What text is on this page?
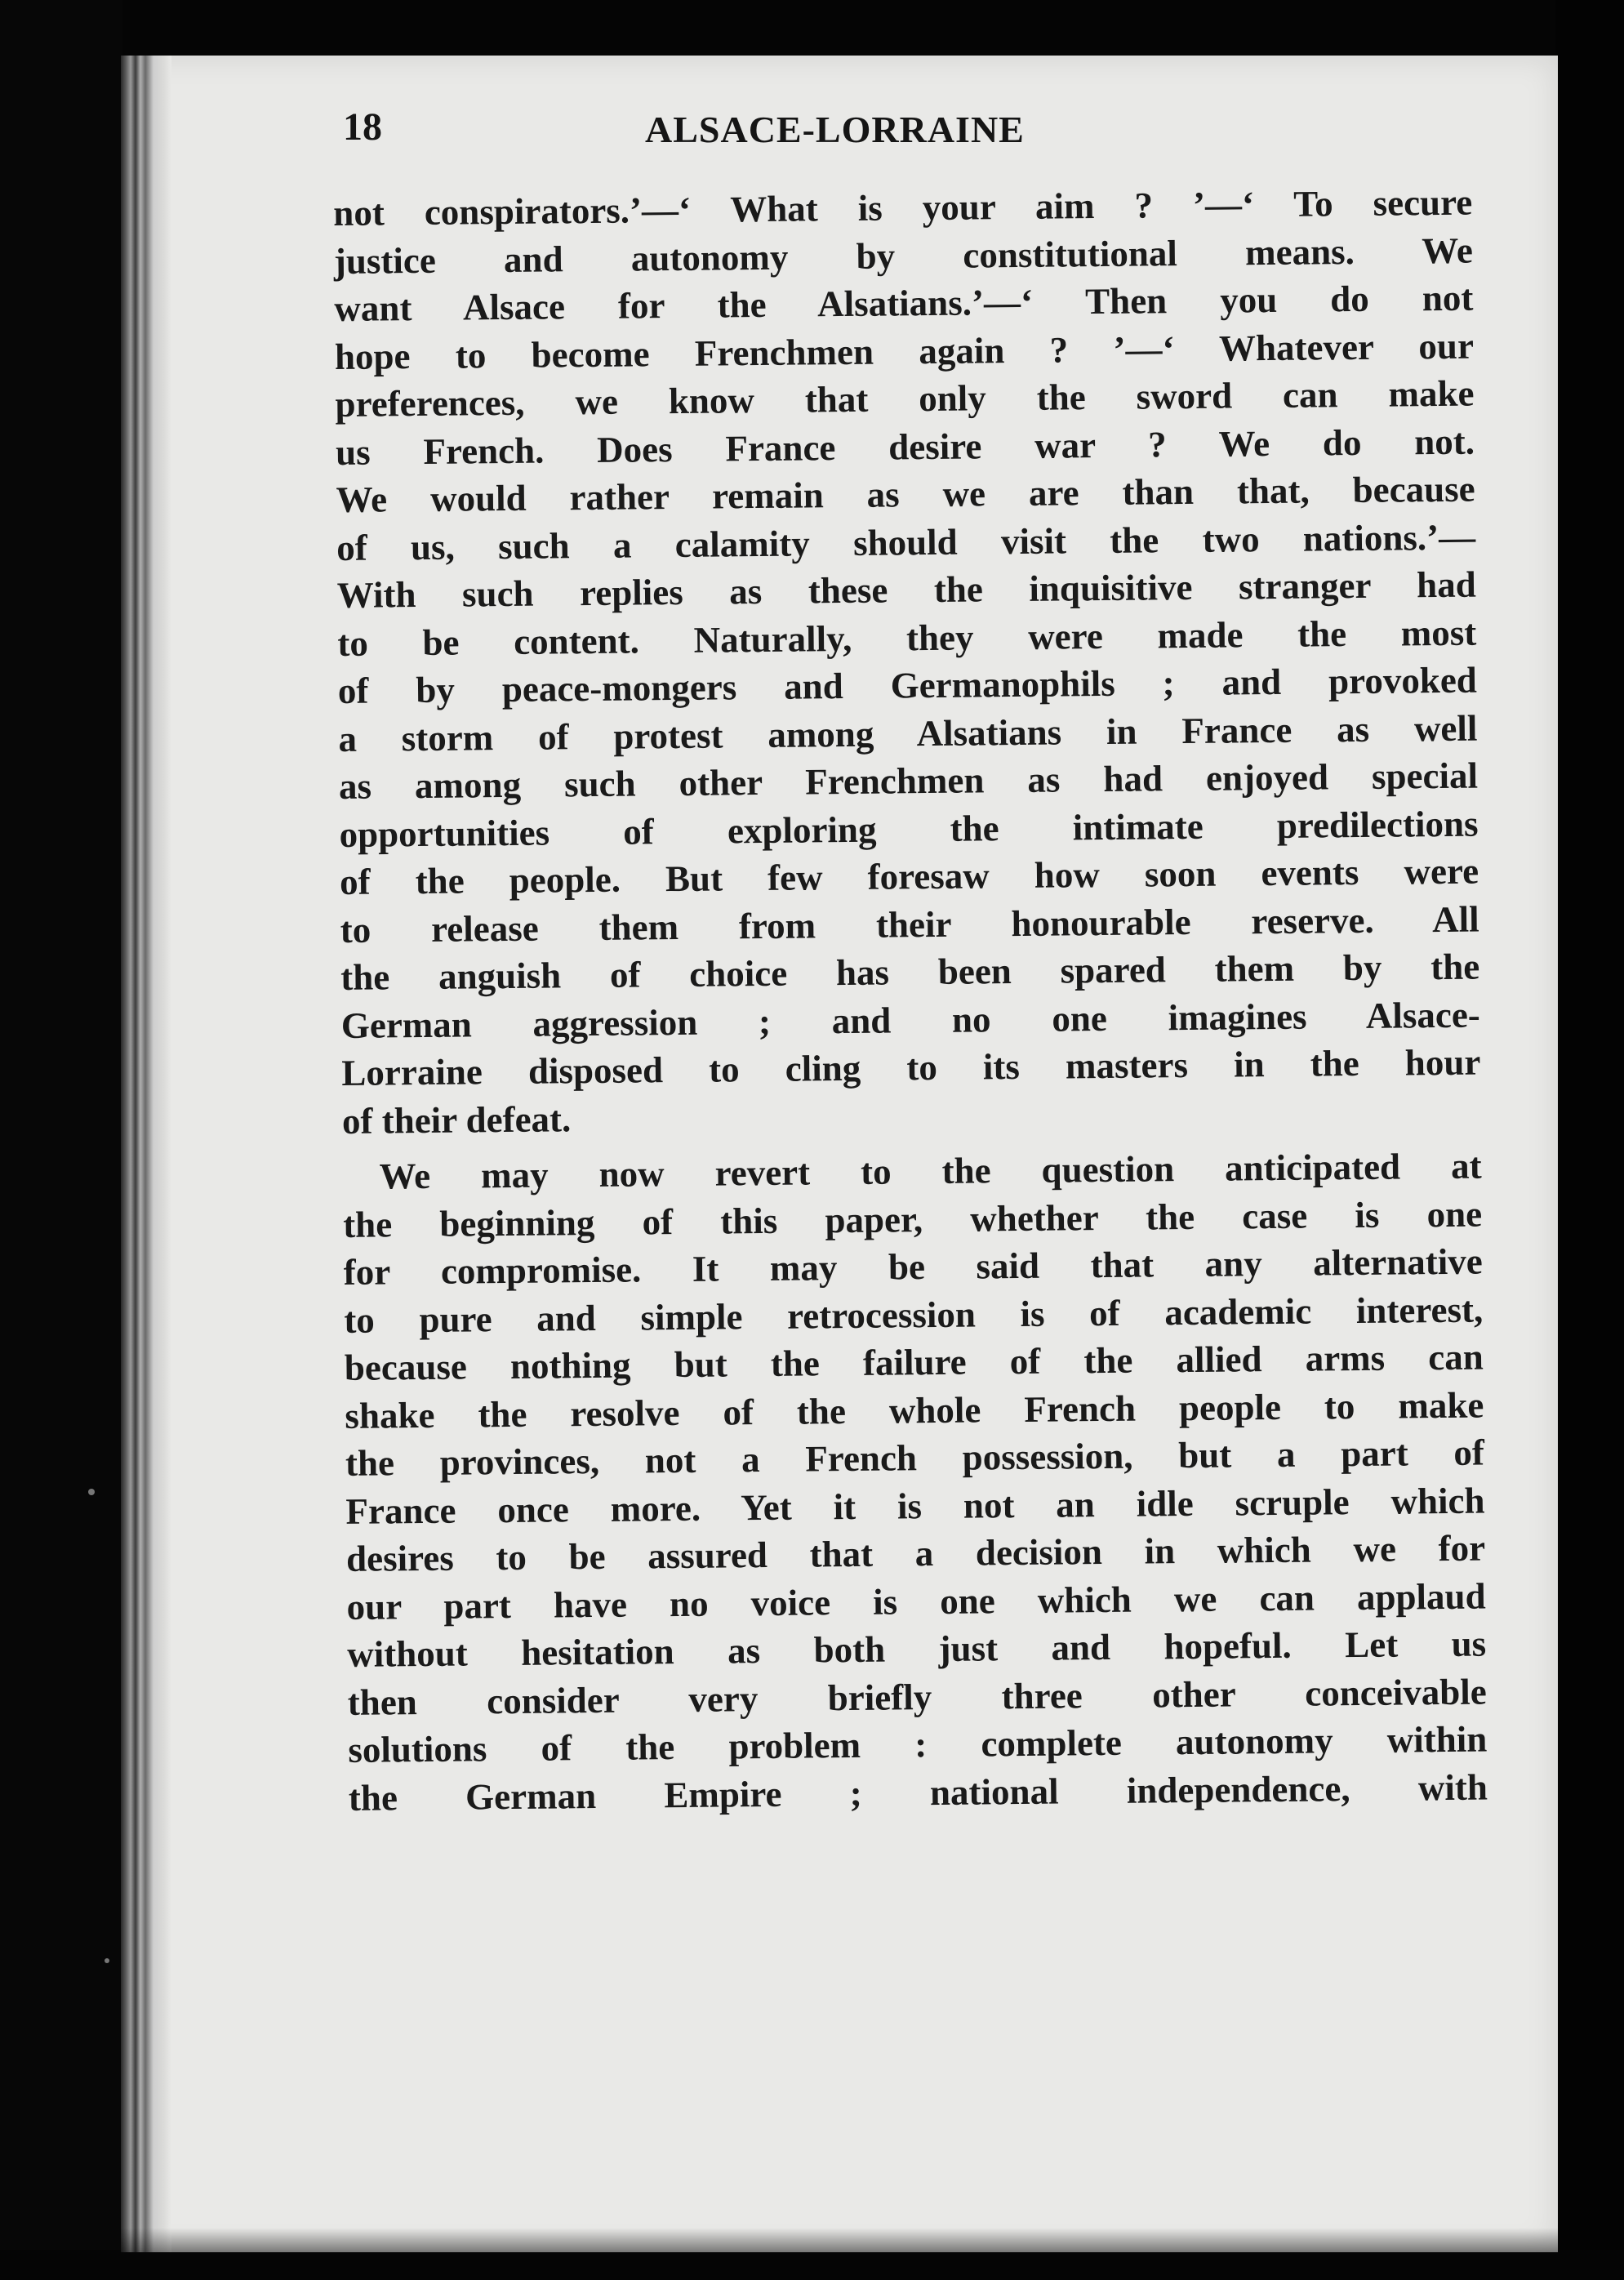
18	ALSACE-LORRAINE

not conspirators.’—‘ What is your aim ? ’—‘ To secure
justice and autonomy by constitutional means. We
want Alsace for the Alsatians.’—‘ Then you do not
hope to become Frenchmen again ? ’—‘ Whatever our
preferences, we know that only the sword can make
us French. Does France desire war ? We do not.
We would rather remain as we are than that, because
of us, such a calamity should visit the two nations.’—
With such replies as these the inquisitive stranger had
to be content. Naturally, they were made the most
of by peace-mongers and Germanophils ; and provoked
a storm of protest among Alsatians in France as well
as among such other Frenchmen as had enjoyed special
opportunities of exploring the intimate predilections
of the people. But few foresaw how soon events were
to release them from their honourable reserve. All
the anguish of choice has been spared them by the
German aggression ; and no one imagines Alsace-
Lorraine disposed to cling to its masters in the hour
of their defeat.
We may now revert to the question anticipated at
the beginning of this paper, whether the case is one
for compromise. It may be said that any alternative
to pure and simple retrocession is of academic interest,
because nothing but the failure of the allied arms can
shake the resolve of the whole French people to make
the provinces, not a French possession, but a part of
France once more. Yet it is not an idle scruple which
desires to be assured that a decision in which we for
our part have no voice is one which we can applaud
without hesitation as both just and hopeful. Let us
then consider very briefly three other conceivable
solutions of the problem : complete autonomy within
the German Empire ; national independence, with
